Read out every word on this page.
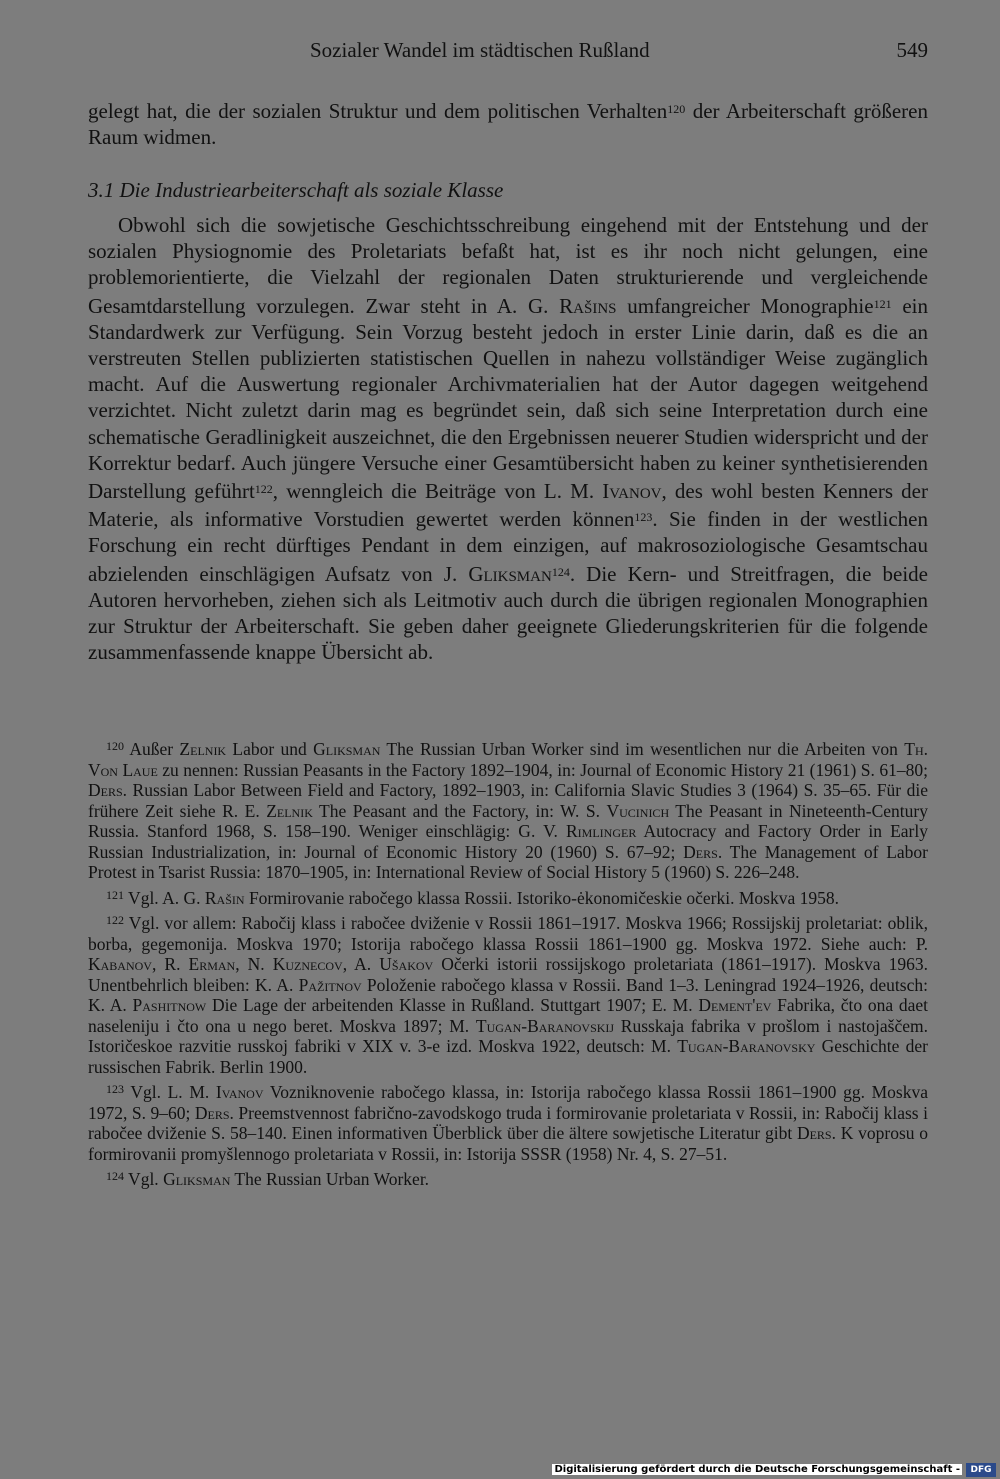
Sozialer Wandel im städtischen Rußland	549

gelegt hat, die der sozialen Struktur und dem politischen Verhalten$^{120}$ der Arbeiterschaft größeren Raum widmen.

3.1 Die Industriearbeiterschaft als soziale Klasse

Obwohl sich die sowjetische Geschichtsschreibung eingehend mit der Entstehung und der sozialen Physiognomie des Proletariats befaßt hat, ist es ihr noch nicht gelungen, eine problemorientierte, die Vielzahl der regionalen Daten strukturierende und vergleichende Gesamtdarstellung vorzulegen. Zwar steht in A. G. Rašins umfangreicher Monographie$^{121}$ ein Standardwerk zur Verfügung. Sein Vorzug besteht jedoch in erster Linie darin, daß es die an verstreuten Stellen publizierten statistischen Quellen in nahezu vollständiger Weise zugänglich macht. Auf die Auswertung regionaler Archivmaterialien hat der Autor dagegen weitgehend verzichtet. Nicht zuletzt darin mag es begründet sein, daß sich seine Interpretation durch eine schematische Geradlinigkeit auszeichnet, die den Ergebnissen neuerer Studien widerspricht und der Korrektur bedarf. Auch jüngere Versuche einer Gesamtübersicht haben zu keiner synthetisierenden Darstellung geführt$^{122}$, wenngleich die Beiträge von L. M. Ivanov, des wohl besten Kenners der Materie, als informative Vorstudien gewertet werden können$^{123}$. Sie finden in der westlichen Forschung ein recht dürftiges Pendant in dem einzigen, auf makrosoziologische Gesamtschau abzielenden einschlägigen Aufsatz von J. Gliksman$^{124}$. Die Kern- und Streitfragen, die beide Autoren hervorheben, ziehen sich als Leitmotiv auch durch die übrigen regionalen Monographien zur Struktur der Arbeiterschaft. Sie geben daher geeignete Gliederungskriterien für die folgende zusammenfassende knappe Übersicht ab.

$^{120}$ Außer Zelnik Labor und Gliksman The Russian Urban Worker sind im wesentlichen nur die Arbeiten von Th. Von Laue zu nennen: Russian Peasants in the Factory 1892–1904, in: Journal of Economic History 21 (1961) S. 61–80; Ders. Russian Labor Between Field and Factory, 1892–1903, in: California Slavic Studies 3 (1964) S. 35–65. Für die frühere Zeit siehe R. E. Zelnik The Peasant and the Factory, in: W. S. Vucinich The Peasant in Nineteenth-Century Russia. Stanford 1968, S. 158–190. Weniger einschlägig: G. V. Rimlinger Autocracy and Factory Order in Early Russian Industrialization, in: Journal of Economic History 20 (1960) S. 67–92; Ders. The Management of Labor Protest in Tsarist Russia: 1870–1905, in: International Review of Social History 5 (1960) S. 226–248.

$^{121}$ Vgl. A. G. Rašin Formirovanie rabočego klassa Rossii. Istoriko-ėkonomičeskie očerki. Moskva 1958.

$^{122}$ Vgl. vor allem: Rabočij klass i rabočee dviženie v Rossii 1861–1917. Moskva 1966; Rossijskij proletariat: oblik, borba, gegemonija. Moskva 1970; Istorija rabočego klassa Rossii 1861–1900 gg. Moskva 1972. Siehe auch: P. Kabanov, R. Erman, N. Kuznecov, A. Ušakov Očerki istorii rossijskogo proletariata (1861–1917). Moskva 1963. Unentbehrlich bleiben: K. A. Pažitnov Položenie rabočego klassa v Rossii. Band 1–3. Leningrad 1924–1926, deutsch: K. A. Pashitnow Die Lage der arbeitenden Klasse in Rußland. Stuttgart 1907; E. M. Dement'ev Fabrika, čto ona daet naseleniju i čto ona u nego beret. Moskva 1897; M. Tugan-Baranovskij Russkaja fabrika v prošlom i nastojaščem. Istoričeskoe razvitie russkoj fabriki v XIX v. 3-e izd. Moskva 1922, deutsch: M. Tugan-Baranovsky Geschichte der russischen Fabrik. Berlin 1900.

$^{123}$ Vgl. L. M. Ivanov Vozniknovenie rabočego klassa, in: Istorija rabočego klassa Rossii 1861–1900 gg. Moskva 1972, S. 9–60; Ders. Preemstvennost fabrično-zavodskogo truda i formirovanie proletariata v Rossii, in: Rabočij klass i rabočee dviženie S. 58–140. Einen informativen Überblick über die ältere sowjetische Literatur gibt Ders. K voprosu o formirovanii promyšlennogo proletariata v Rossii, in: Istorija SSSR (1958) Nr. 4, S. 27–51.

$^{124}$ Vgl. Gliksman The Russian Urban Worker.

Digitalisierung gefördert durch die Deutsche Forschungsgemeinschaft -	DFG
